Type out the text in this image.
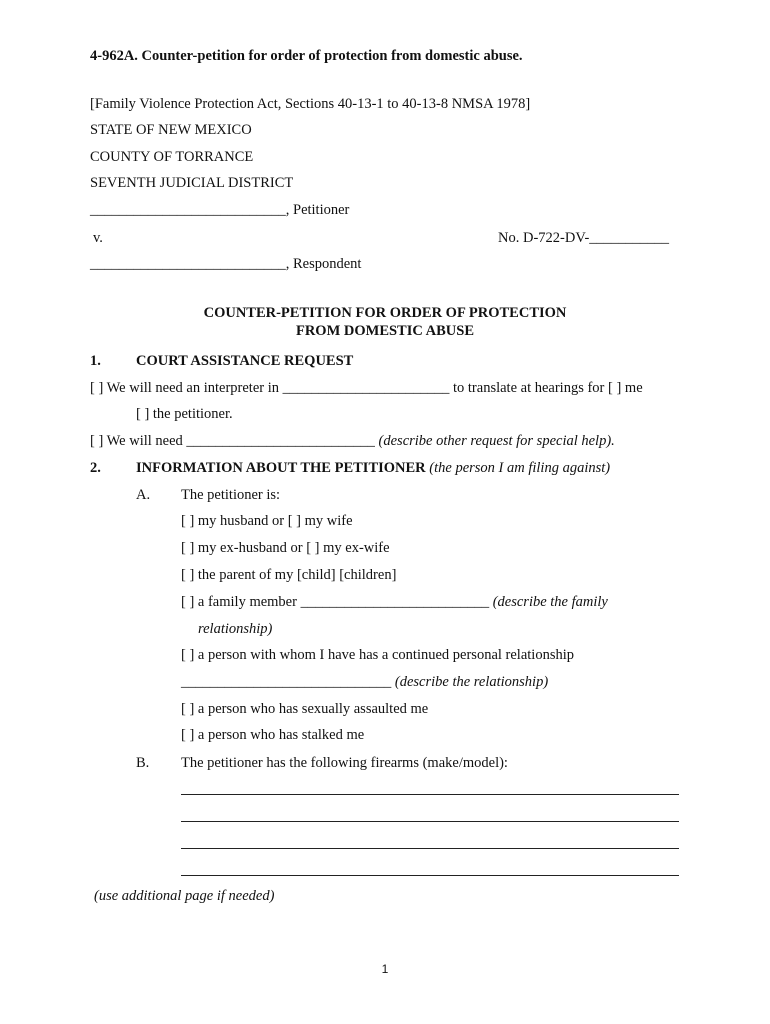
4-962A. Counter-petition for order of protection from domestic abuse.
[Family Violence Protection Act, Sections 40-13-1 to 40-13-8 NMSA 1978]
STATE OF NEW MEXICO
COUNTY OF TORRANCE
SEVENTH JUDICIAL DISTRICT
___________________________, Petitioner
v.	No. D-722-DV-___________
___________________________, Respondent
COUNTER-PETITION FOR ORDER OF PROTECTION
FROM DOMESTIC ABUSE
1. COURT ASSISTANCE REQUEST
[ ] We will need an interpreter in _______________________ to translate at hearings for [ ] me
[ ] the petitioner.
[ ] We will need __________________________ (describe other request for special help).
2. INFORMATION ABOUT THE PETITIONER (the person I am filing against)
A. The petitioner is:
[ ] my husband or [ ] my wife
[ ] my ex-husband or [ ] my ex-wife
[ ] the parent of my [child] [children]
[ ] a family member __________________________ (describe the family
relationship)
[ ] a person with whom I have has a continued personal relationship
_____________________________ (describe the relationship)
[ ] a person who has sexually assaulted me
[ ] a person who has stalked me
B. The petitioner has the following firearms (make/model):
(use additional page if needed)
1
